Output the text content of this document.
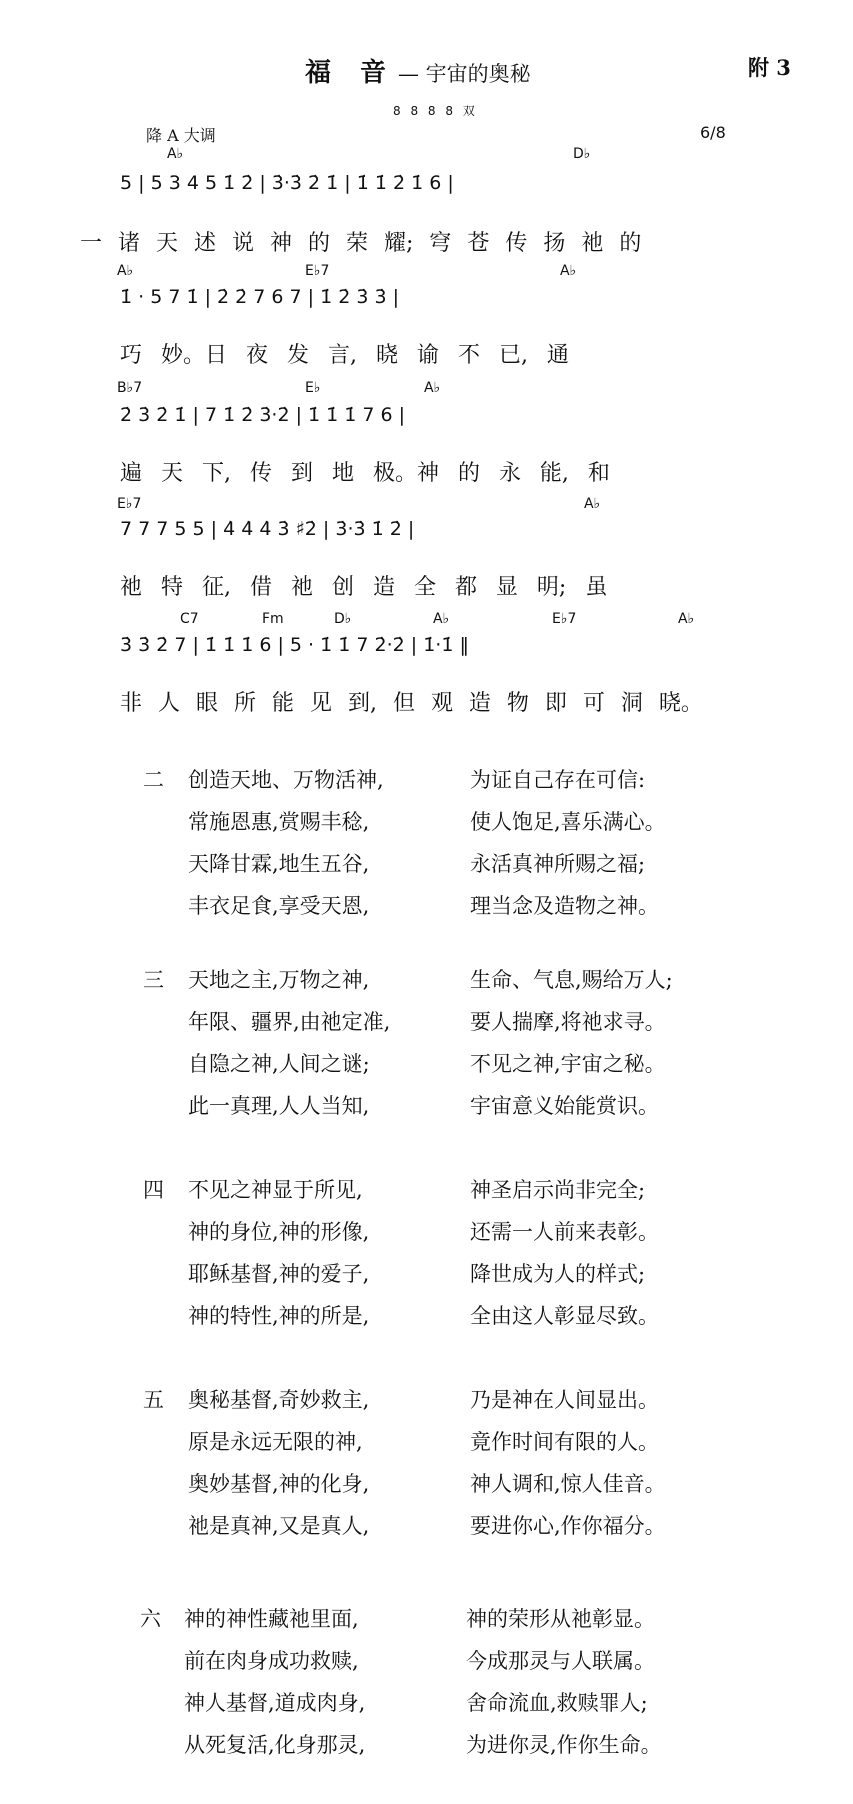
福 音 — 宇宙的奥秘	附 3
8 8 8 8 双
降 A 大调	6/8
A♭	D♭
5 | 5 3 4 5 1̇ 2̇ | 3̇·3̇ 2̇ 1̇ | 1̇ 1̇ 2̇ 1̇ 6 |
一 诸 天 述 说 神 的 荣 耀; 穹 苍 传 扬 祂 的
A♭	E♭7	A♭
1̇ · 5 7 1̇ | 2̇ 2̇ 7 6 7 | 1̇ 2̇ 3̇ 3̇ |
巧 妙。日 夜 发 言, 晓 谕 不 已, 通
B♭7	E♭	A♭
2̇ 3̇ 2̇ 1̇ | 7 1̇ 2̇ 3̇·2̇ | 1̇ 1̇ 1̇ 7 6 |
遍 天 下, 传 到 地 极。神 的 永 能, 和
E♭7	A♭
7 7 7 5 5 | 4̇ 4̇ 4̇ 3̇ ♯2̇ | 3̇·3̇ 1̇ 2̇ |
祂 特 征, 借 祂 创 造 全 都 显 明; 虽
C7	Fm	D♭	A♭	E♭7	A♭
3̇ 3̇ 2̇ 7 | 1̇ 1̇ 1̇ 6 | 5 · 1̇ 1̇ 7 2̇·2̇ | 1̇·1̇ ‖
非 人 眼 所 能 见 到, 但 观 造 物 即 可 洞 晓。
二	创造天地、万物活神,	为证自己存在可信:
常施恩惠,赏赐丰稔,	使人饱足,喜乐满心。
天降甘霖,地生五谷,	永活真神所赐之福;
丰衣足食,享受天恩,	理当念及造物之神。
三	天地之主,万物之神,	生命、气息,赐给万人;
年限、疆界,由祂定准,	要人揣摩,将祂求寻。
自隐之神,人间之谜;	不见之神,宇宙之秘。
此一真理,人人当知,	宇宙意义始能赏识。
四	不见之神显于所见,	神圣启示尚非完全;
神的身位,神的形像,	还需一人前来表彰。
耶稣基督,神的爱子,	降世成为人的样式;
神的特性,神的所是,	全由这人彰显尽致。
五	奥秘基督,奇妙救主,	乃是神在人间显出。
原是永远无限的神,	竟作时间有限的人。
奥妙基督,神的化身,	神人调和,惊人佳音。
祂是真神,又是真人,	要进你心,作你福分。
六	神的神性藏祂里面,	神的荣形从祂彰显。
前在肉身成功救赎,	今成那灵与人联属。
神人基督,道成肉身,	舍命流血,救赎罪人;
从死复活,化身那灵,	为进你灵,作你生命。
